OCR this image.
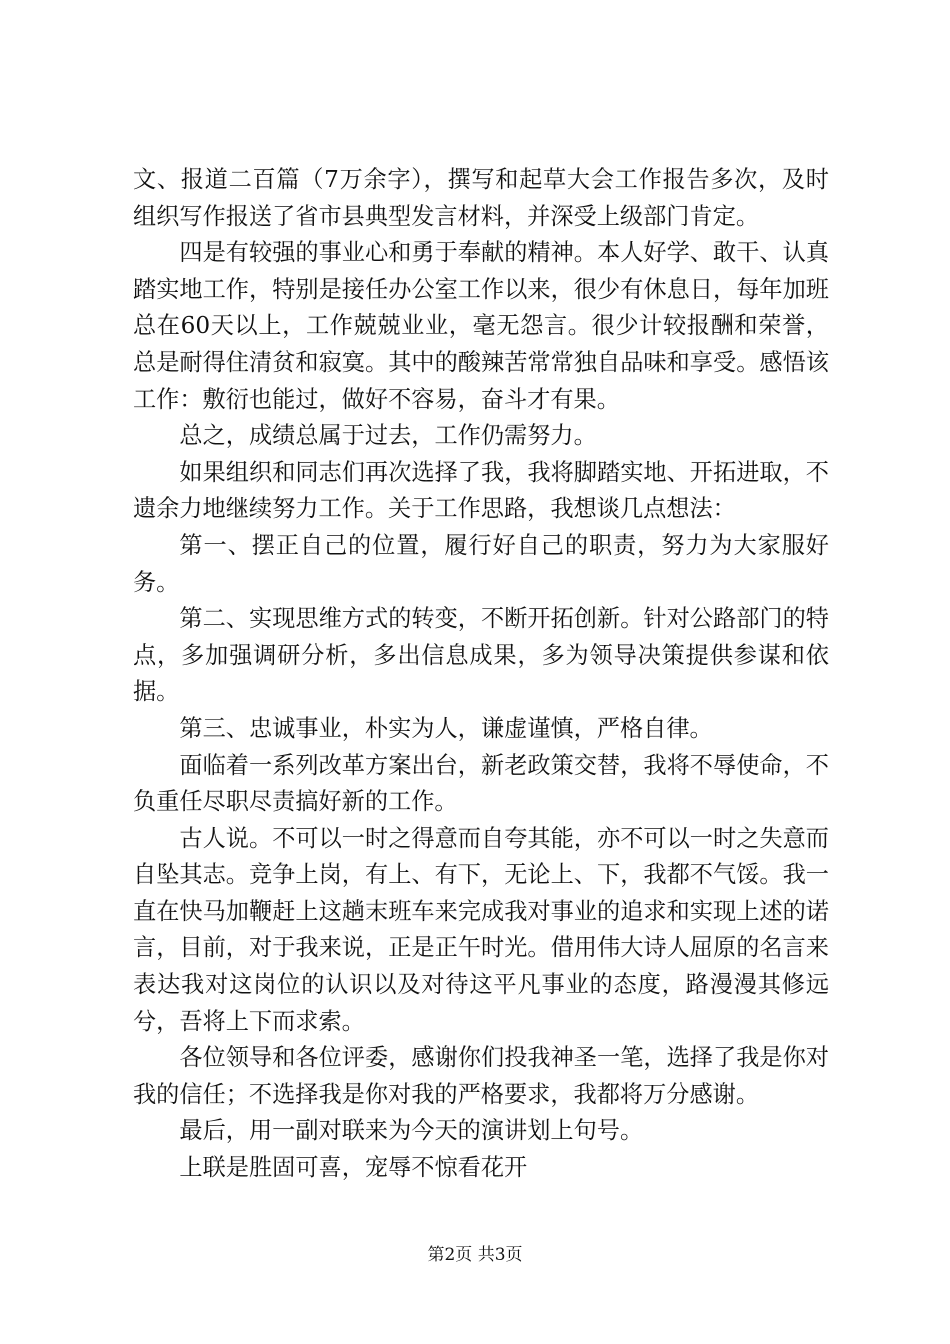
文、报道二百篇（7万余字），撰写和起草大会工作报告多次，及时组织写作报送了省市县典型发言材料，并深受上级部门肯定。

四是有较强的事业心和勇于奉献的精神。本人好学、敢干、认真踏实地工作，特别是接任办公室工作以来，很少有休息日，每年加班总在60天以上，工作兢兢业业，毫无怨言。很少计较报酬和荣誉，总是耐得住清贫和寂寞。其中的酸辣苦常常独自品味和享受。感悟该工作：敷衍也能过，做好不容易，奋斗才有果。

总之，成绩总属于过去，工作仍需努力。

如果组织和同志们再次选择了我，我将脚踏实地、开拓进取，不遗余力地继续努力工作。关于工作思路，我想谈几点想法：

第一、摆正自己的位置，履行好自己的职责，努力为大家服好务。

第二、实现思维方式的转变，不断开拓创新。针对公路部门的特点，多加强调研分析，多出信息成果，多为领导决策提供参谋和依据。

第三、忠诚事业，朴实为人，谦虚谨慎，严格自律。

面临着一系列改革方案出台，新老政策交替，我将不辱使命，不负重任尽职尽责搞好新的工作。

古人说。不可以一时之得意而自夸其能，亦不可以一时之失意而自坠其志。竞争上岗，有上、有下，无论上、下，我都不气馁。我一直在快马加鞭赶上这趟末班车来完成我对事业的追求和实现上述的诺言，目前，对于我来说，正是正午时光。借用伟大诗人屈原的名言来表达我对这岗位的认识以及对待这平凡事业的态度，路漫漫其修远兮，吾将上下而求索。

各位领导和各位评委，感谢你们投我神圣一笔，选择了我是你对我的信任；不选择我是你对我的严格要求，我都将万分感谢。

最后，用一副对联来为今天的演讲划上句号。

上联是胜固可喜，宠辱不惊看花开

第2页 共3页
